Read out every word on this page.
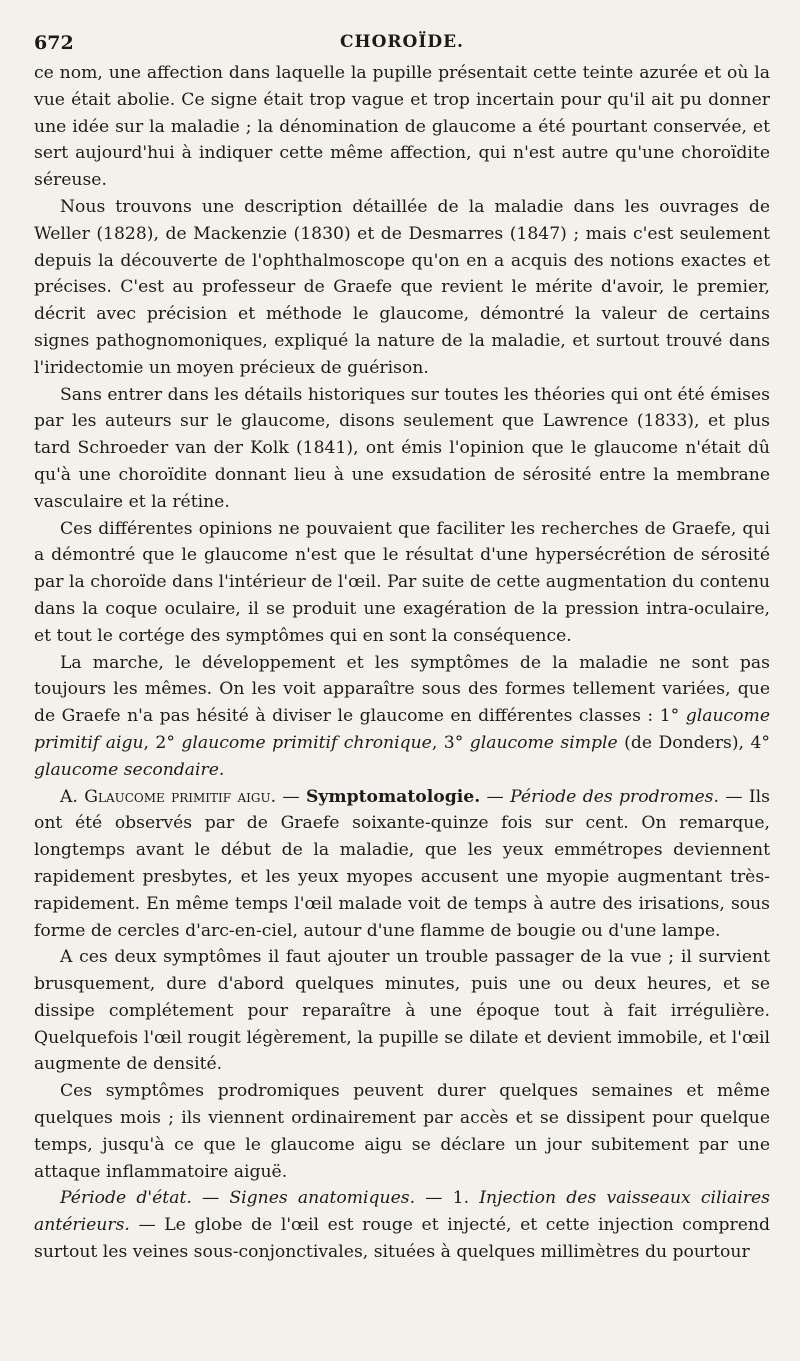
672	CHOROÏDE.

ce nom, une affection dans laquelle la pupille présentait cette teinte azurée et où la vue était abolie. Ce signe était trop vague et trop incertain pour qu'il ait pu donner une idée sur la maladie ; la dénomination de glaucome a été pourtant conservée, et sert aujourd'hui à indiquer cette même affection, qui n'est autre qu'une choroïdite séreuse.

Nous trouvons une description détaillée de la maladie dans les ouvrages de Weller (1828), de Mackenzie (1830) et de Desmarres (1847) ; mais c'est seulement depuis la découverte de l'ophthalmoscope qu'on en a acquis des notions exactes et précises. C'est au professeur de Graefe que revient le mérite d'avoir, le premier, décrit avec précision et méthode le glaucome, démontré la valeur de certains signes pathognomoniques, expliqué la nature de la maladie, et surtout trouvé dans l'iridectomie un moyen précieux de guérison.

Sans entrer dans les détails historiques sur toutes les théories qui ont été émises par les auteurs sur le glaucome, disons seulement que Lawrence (1833), et plus tard Schroeder van der Kolk (1841), ont émis l'opinion que le glaucome n'était dû qu'à une choroïdite donnant lieu à une exsudation de sérosité entre la membrane vasculaire et la rétine.

Ces différentes opinions ne pouvaient que faciliter les recherches de Graefe, qui a démontré que le glaucome n'est que le résultat d'une hypersécrétion de sérosité par la choroïde dans l'intérieur de l'œil. Par suite de cette augmentation du contenu dans la coque oculaire, il se produit une exagération de la pression intra-oculaire, et tout le cortége des symptômes qui en sont la conséquence.

La marche, le développement et les symptômes de la maladie ne sont pas toujours les mêmes. On les voit apparaître sous des formes tellement variées, que de Graefe n'a pas hésité à diviser le glaucome en différentes classes : 1° glaucome primitif aigu, 2° glaucome primitif chronique, 3° glaucome simple (de Donders), 4° glaucome secondaire.

A. Glaucome primitif aigu. — Symptomatologie. — Période des prodromes. — Ils ont été observés par de Graefe soixante-quinze fois sur cent. On remarque, longtemps avant le début de la maladie, que les yeux emmétropes deviennent rapidement presbytes, et les yeux myopes accusent une myopie augmentant très-rapidement. En même temps l'œil malade voit de temps à autre des irisations, sous forme de cercles d'arc-en-ciel, autour d'une flamme de bougie ou d'une lampe.

A ces deux symptômes il faut ajouter un trouble passager de la vue ; il survient brusquement, dure d'abord quelques minutes, puis une ou deux heures, et se dissipe complétement pour reparaître à une époque tout à fait irrégulière. Quelquefois l'œil rougit légèrement, la pupille se dilate et devient immobile, et l'œil augmente de densité.

Ces symptômes prodromiques peuvent durer quelques semaines et même quelques mois ; ils viennent ordinairement par accès et se dissipent pour quelque temps, jusqu'à ce que le glaucome aigu se déclare un jour subitement par une attaque inflammatoire aiguë.

Période d'état. — Signes anatomiques. — 1. Injection des vaisseaux ciliaires antérieurs. — Le globe de l'œil est rouge et injecté, et cette injection comprend surtout les veines sous-conjonctivales, situées à quelques millimètres du pourtour
